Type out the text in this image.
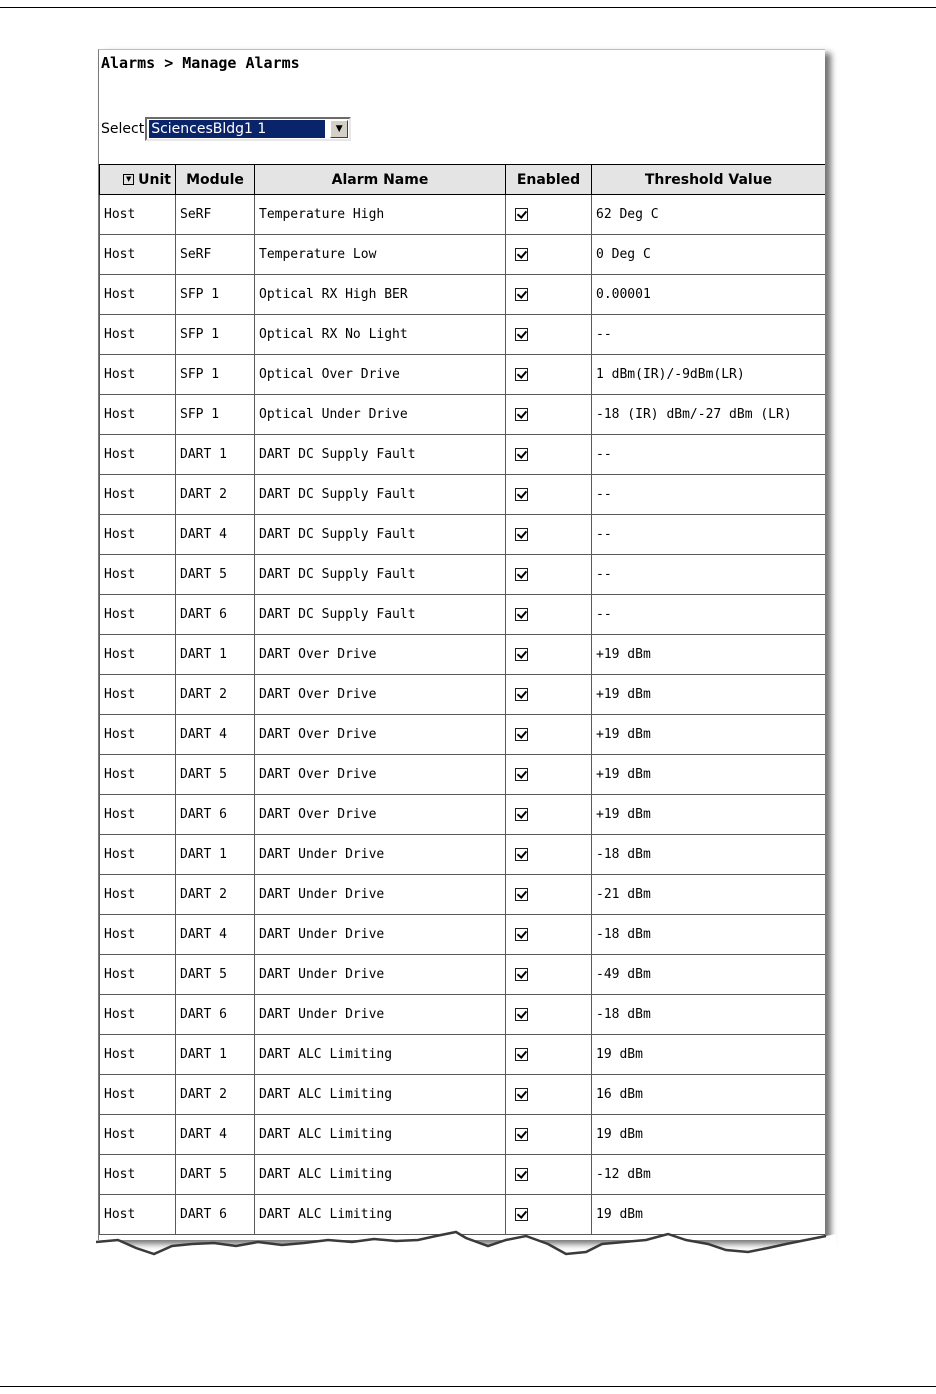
Alarms > Manage Alarms
Select SciencesBldg1 1	▼
▼ Unit	Module	Alarm Name	Enabled	Threshold Value
Host	SeRF	Temperature High		62 Deg C
Host	SeRF	Temperature Low		0 Deg C
Host	SFP 1	Optical RX High BER		0.00001
Host	SFP 1	Optical RX No Light		--
Host	SFP 1	Optical Over Drive		1 dBm(IR)/-9dBm(LR)
Host	SFP 1	Optical Under Drive		-18 (IR) dBm/-27 dBm (LR)
Host	DART 1	DART DC Supply Fault		--
Host	DART 2	DART DC Supply Fault		--
Host	DART 4	DART DC Supply Fault		--
Host	DART 5	DART DC Supply Fault		--
Host	DART 6	DART DC Supply Fault		--
Host	DART 1	DART Over Drive		+19 dBm
Host	DART 2	DART Over Drive		+19 dBm
Host	DART 4	DART Over Drive		+19 dBm
Host	DART 5	DART Over Drive		+19 dBm
Host	DART 6	DART Over Drive		+19 dBm
Host	DART 1	DART Under Drive		-18 dBm
Host	DART 2	DART Under Drive		-21 dBm
Host	DART 4	DART Under Drive		-18 dBm
Host	DART 5	DART Under Drive		-49 dBm
Host	DART 6	DART Under Drive		-18 dBm
Host	DART 1	DART ALC Limiting		19 dBm
Host	DART 2	DART ALC Limiting		16 dBm
Host	DART 4	DART ALC Limiting		19 dBm
Host	DART 5	DART ALC Limiting		-12 dBm
Host	DART 6	DART ALC Limiting		19 dBm
